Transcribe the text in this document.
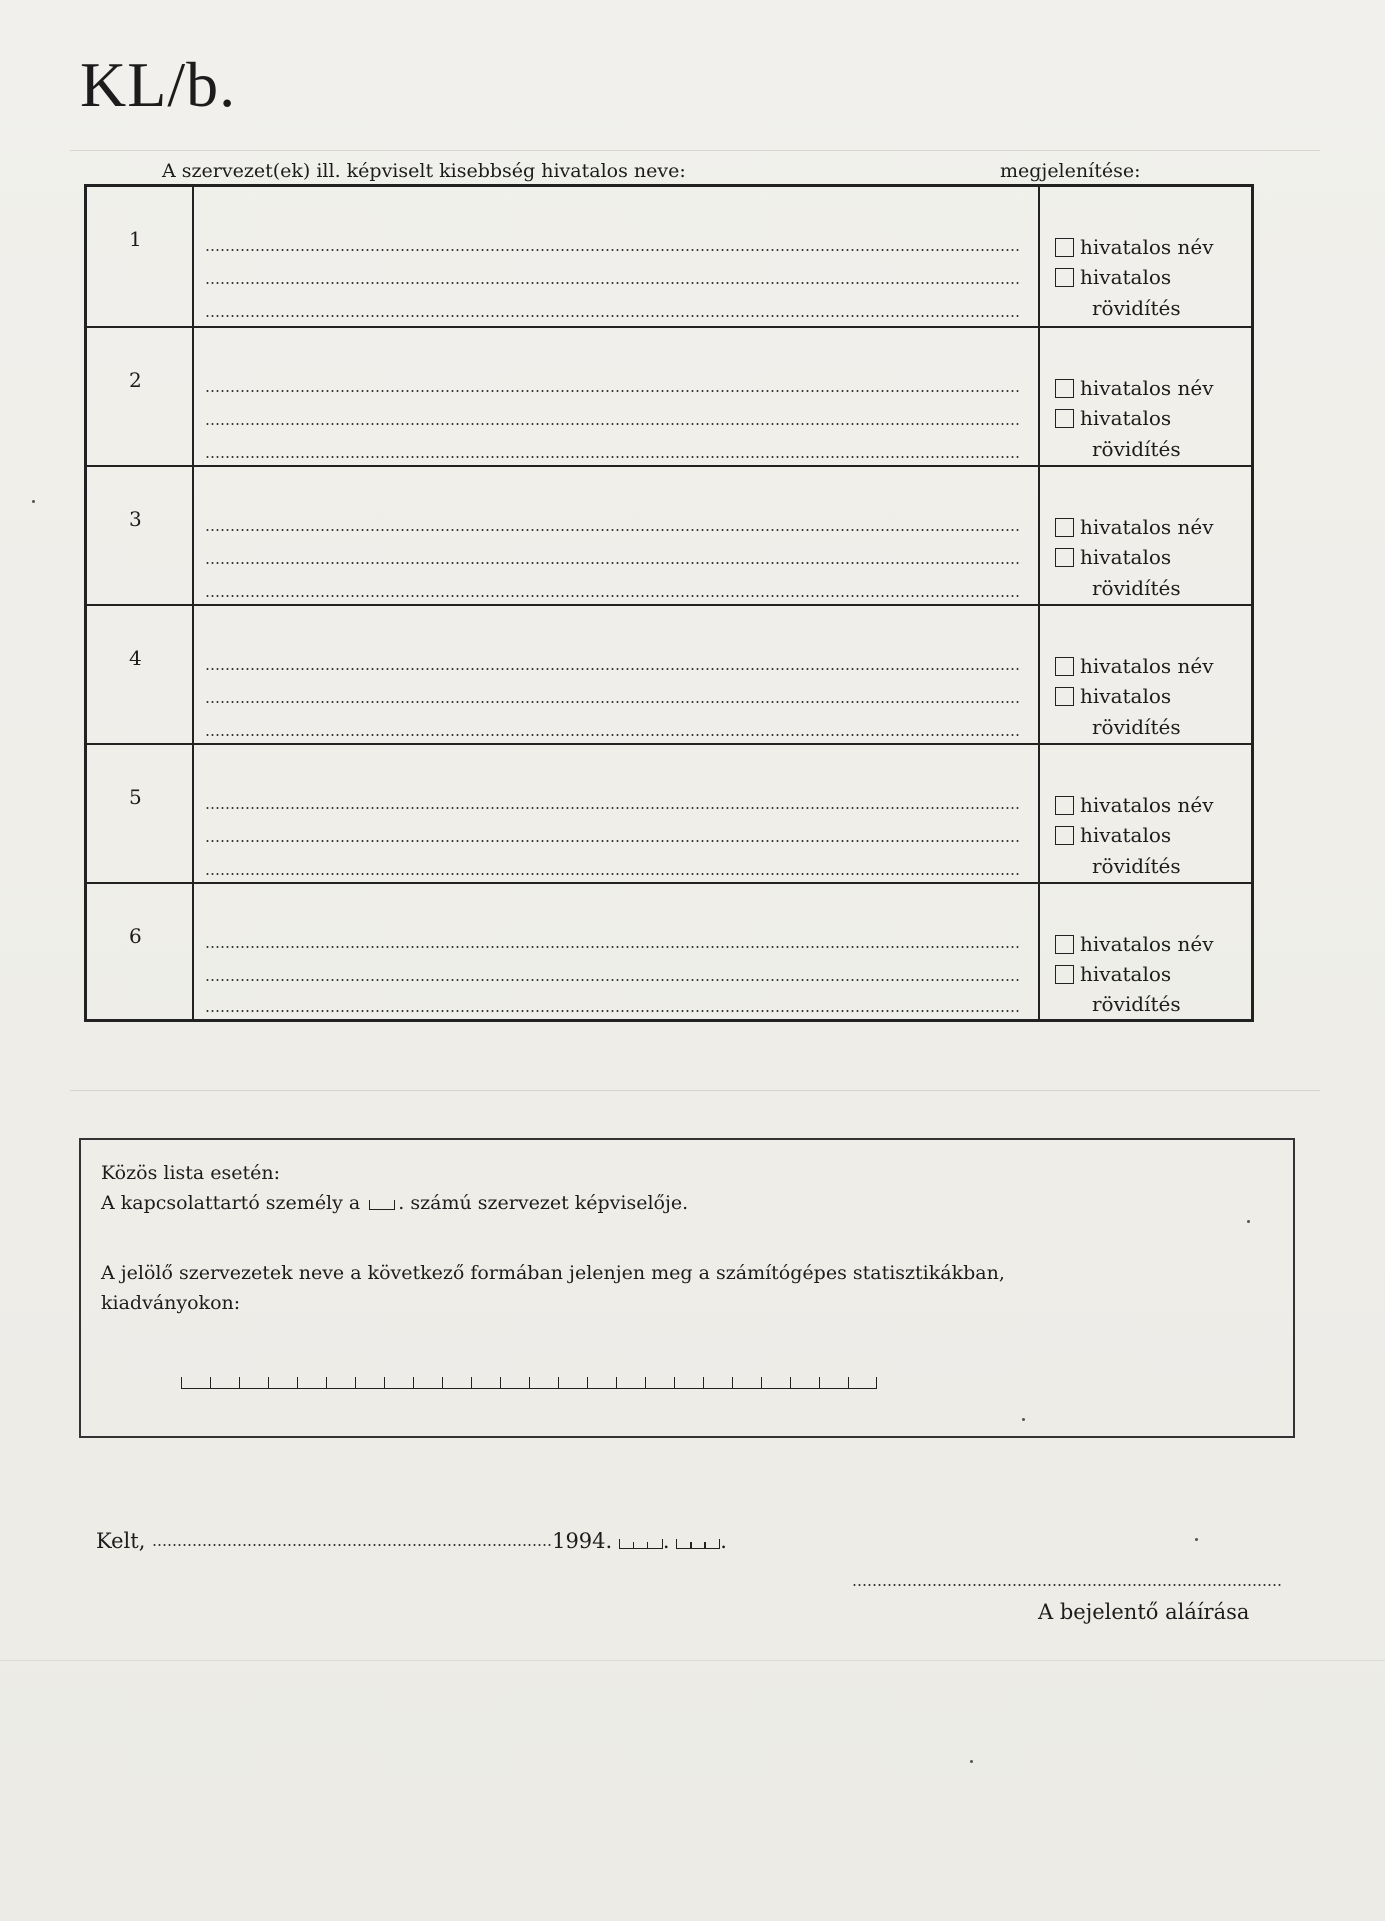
KL/b.
A szervezet(ek) ill. képviselt kisebbség hivatalos neve:	megjelenítése:
1	hivatalos név
hivatalos
rövidítés
2	hivatalos név
hivatalos
rövidítés
3	hivatalos név
hivatalos
rövidítés
4	hivatalos név
hivatalos
rövidítés
5	hivatalos név
hivatalos
rövidítés
6	hivatalos név
hivatalos
rövidítés
Közös lista esetén:
A kapcsolattartó személy a . számú szervezet képviselője.
A jelölő szervezetek neve a következő formában jelenjen meg a számítógépes statisztikákban,
kiadványokon:
Kelt,	1994. .
.
A bejelentő aláírása
